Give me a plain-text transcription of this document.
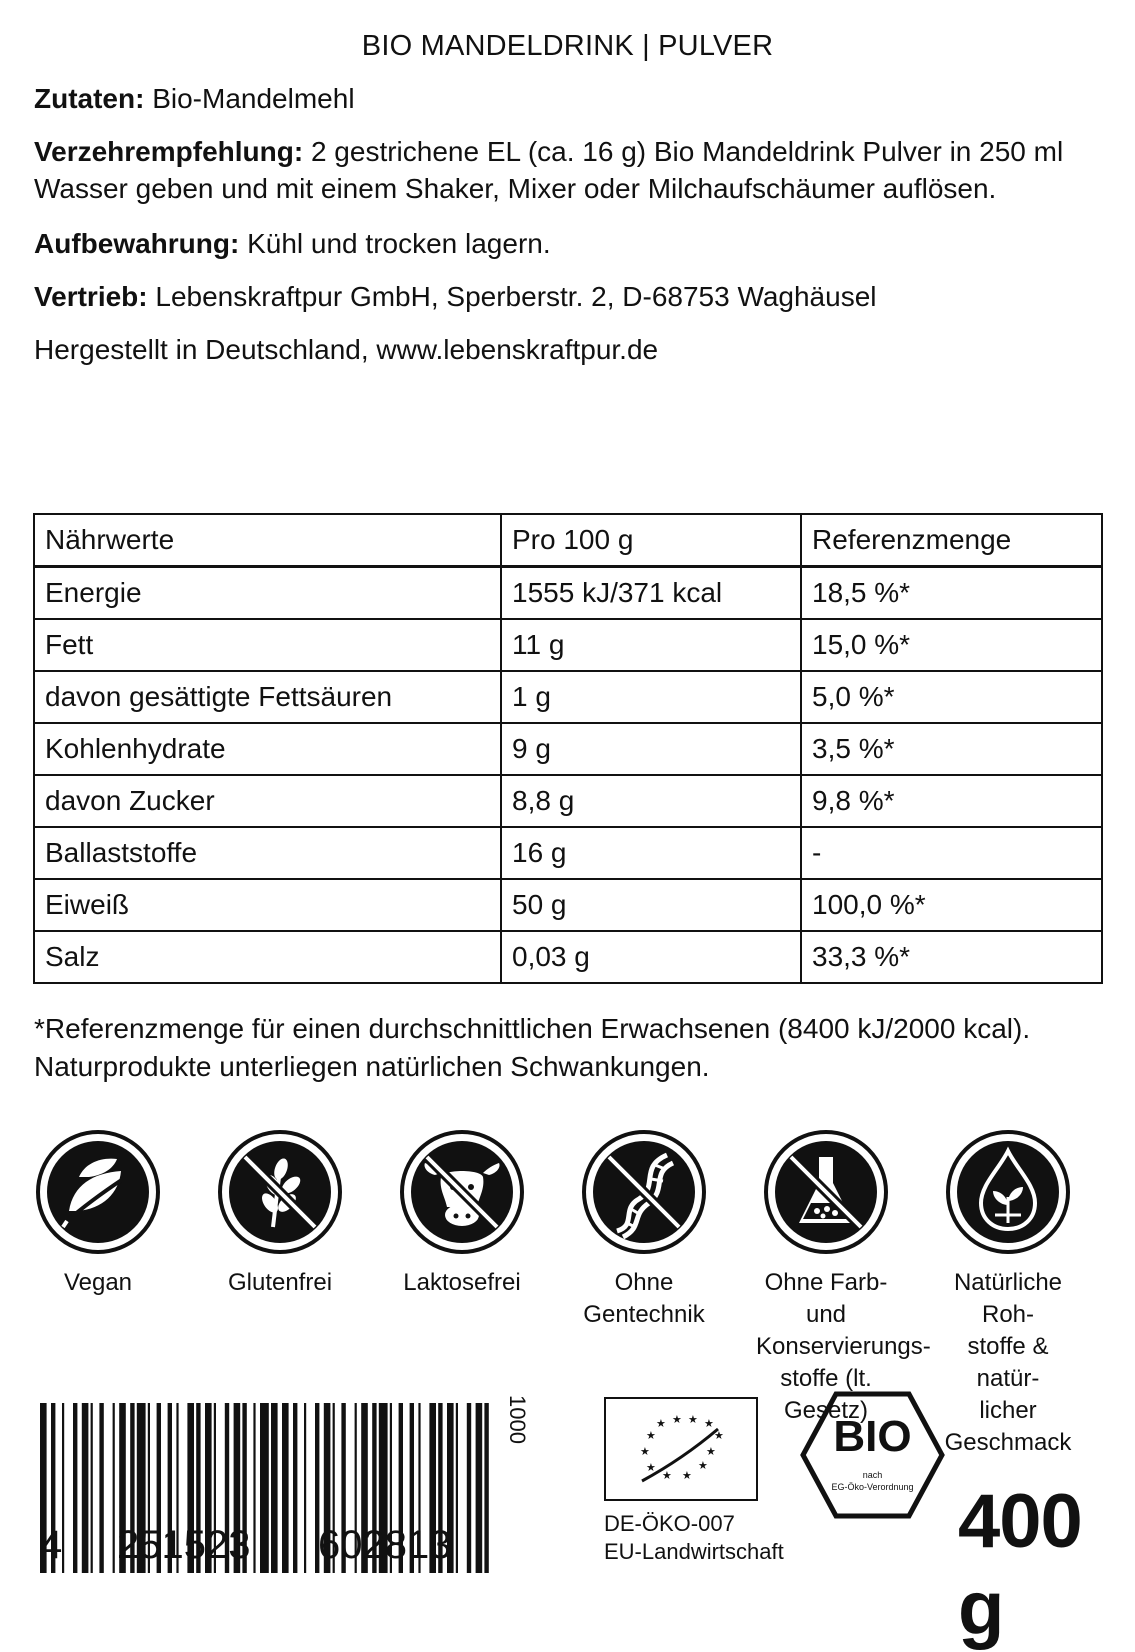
BIO MANDELDRINK | PULVER
Zutaten: Bio-Mandelmehl
Verzehrempfehlung: 2 gestrichene EL (ca. 16 g) Bio Mandeldrink Pulver in 250 ml Wasser geben und mit einem Shaker, Mixer oder Milchaufschäumer auflösen.
Aufbewahrung: Kühl und trocken lagern.
Vertrieb: Lebenskraftpur GmbH, Sperberstr. 2, D-68753 Waghäusel
Hergestellt in Deutschland, www.lebenskraftpur.de
Nährwerte	Pro 100 g	Referenzmenge
Energie	1555 kJ/371 kcal	18,5 %*
Fett	11 g	15,0 %*
davon gesättigte Fettsäuren	1 g	5,0 %*
Kohlenhydrate	9 g	3,5 %*
davon Zucker	8,8 g	9,8 %*
Ballaststoffe	16 g	-
Eiweiß	50 g	100,0 %*
Salz	0,03 g	33,3 %*
*Referenzmenge für einen durchschnittlichen Erwachsenen (8400 kJ/2000 kcal).
Naturprodukte unterliegen natürlichen Schwankungen.
Vegan	Glutenfrei	Laktosefrei	Ohne
Gentechnik
Ohne Farb- und
Konservierungs-
stoffe (lt. Gesetz)
Natürliche Roh-
stoffe & natür-
licher Geschmack
4 251523 602813
1000	★ ★ ★ ★
★
★
★	★
★	★
★ ★
DE-ÖKO-007
EU-Landwirtschaft
BIO
nach
EG-Öko-Verordnung 400 g
